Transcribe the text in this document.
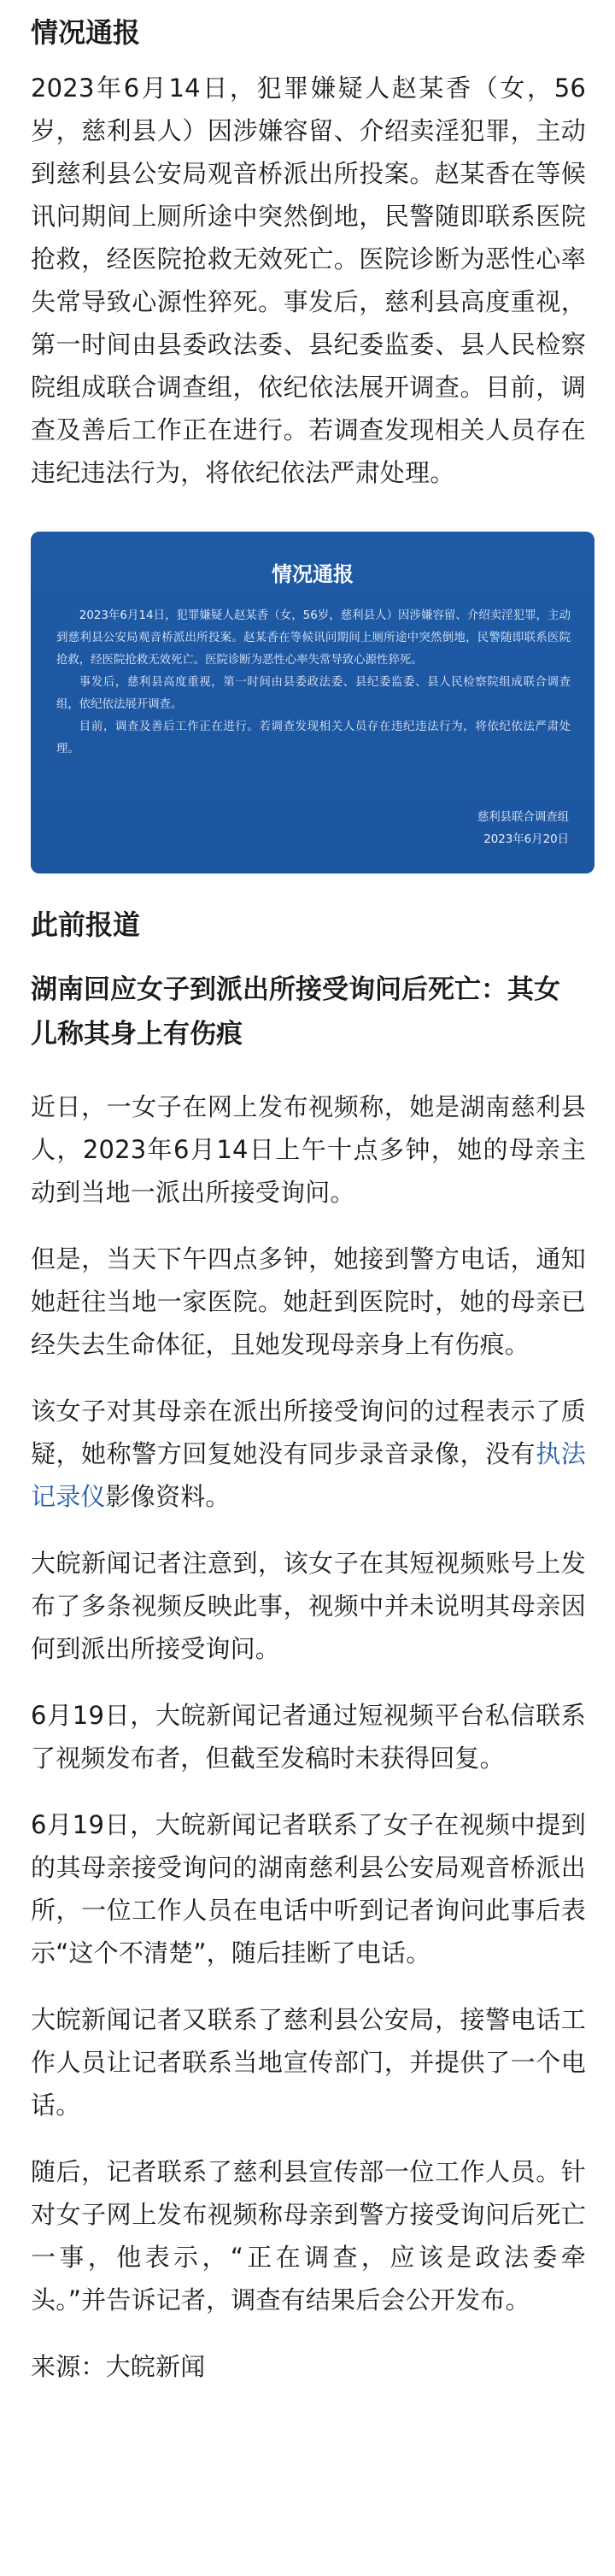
情况通报

2023年6月14日，犯罪嫌疑人赵某香（女，56岁，慈利县人）因涉嫌容留、介绍卖淫犯罪，主动到慈利县公安局观音桥派出所投案。赵某香在等候讯问期间上厕所途中突然倒地，民警随即联系医院抢救，经医院抢救无效死亡。医院诊断为恶性心率失常导致心源性猝死。事发后，慈利县高度重视，第一时间由县委政法委、县纪委监委、县人民检察院组成联合调查组，依纪依法展开调查。目前，调查及善后工作正在进行。若调查发现相关人员存在违纪违法行为，将依纪依法严肃处理。

情况通报

2023年6月14日，犯罪嫌疑人赵某香（女，56岁，慈利县人）因涉嫌容留、介绍卖淫犯罪，主动到慈利县公安局观音桥派出所投案。赵某香在等候讯问期间上厕所途中突然倒地，民警随即联系医院抢救，经医院抢救无效死亡。医院诊断为恶性心率失常导致心源性猝死。

事发后，慈利县高度重视，第一时间由县委政法委、县纪委监委、县人民检察院组成联合调查组，依纪依法展开调查。

目前，调查及善后工作正在进行。若调查发现相关人员存在违纪违法行为，将依纪依法严肃处理。

慈利县联合调查组
2023年6月20日
此前报道
湖南回应女子到派出所接受询问后死亡：其女儿称其身上有伤痕

近日，一女子在网上发布视频称，她是湖南慈利县人，2023年6月14日上午十点多钟，她的母亲主动到当地一派出所接受询问。

但是，当天下午四点多钟，她接到警方电话，通知她赶往当地一家医院。她赶到医院时，她的母亲已经失去生命体征，且她发现母亲身上有伤痕。

该女子对其母亲在派出所接受询问的过程表示了质疑，她称警方回复她没有同步录音录像，没有执法记录仪影像资料。

大皖新闻记者注意到，该女子在其短视频账号上发布了多条视频反映此事，视频中并未说明其母亲因何到派出所接受询问。

6月19日，大皖新闻记者通过短视频平台私信联系了视频发布者，但截至发稿时未获得回复。

6月19日，大皖新闻记者联系了女子在视频中提到的其母亲接受询问的湖南慈利县公安局观音桥派出所，一位工作人员在电话中听到记者询问此事后表示“这个不清楚”，随后挂断了电话。

大皖新闻记者又联系了慈利县公安局，接警电话工作人员让记者联系当地宣传部门，并提供了一个电话。

随后，记者联系了慈利县宣传部一位工作人员。针对女子网上发布视频称母亲到警方接受询问后死亡一事，他表示，“正在调查，应该是政法委牵头。”并告诉记者，调查有结果后会公开发布。

来源：大皖新闻
